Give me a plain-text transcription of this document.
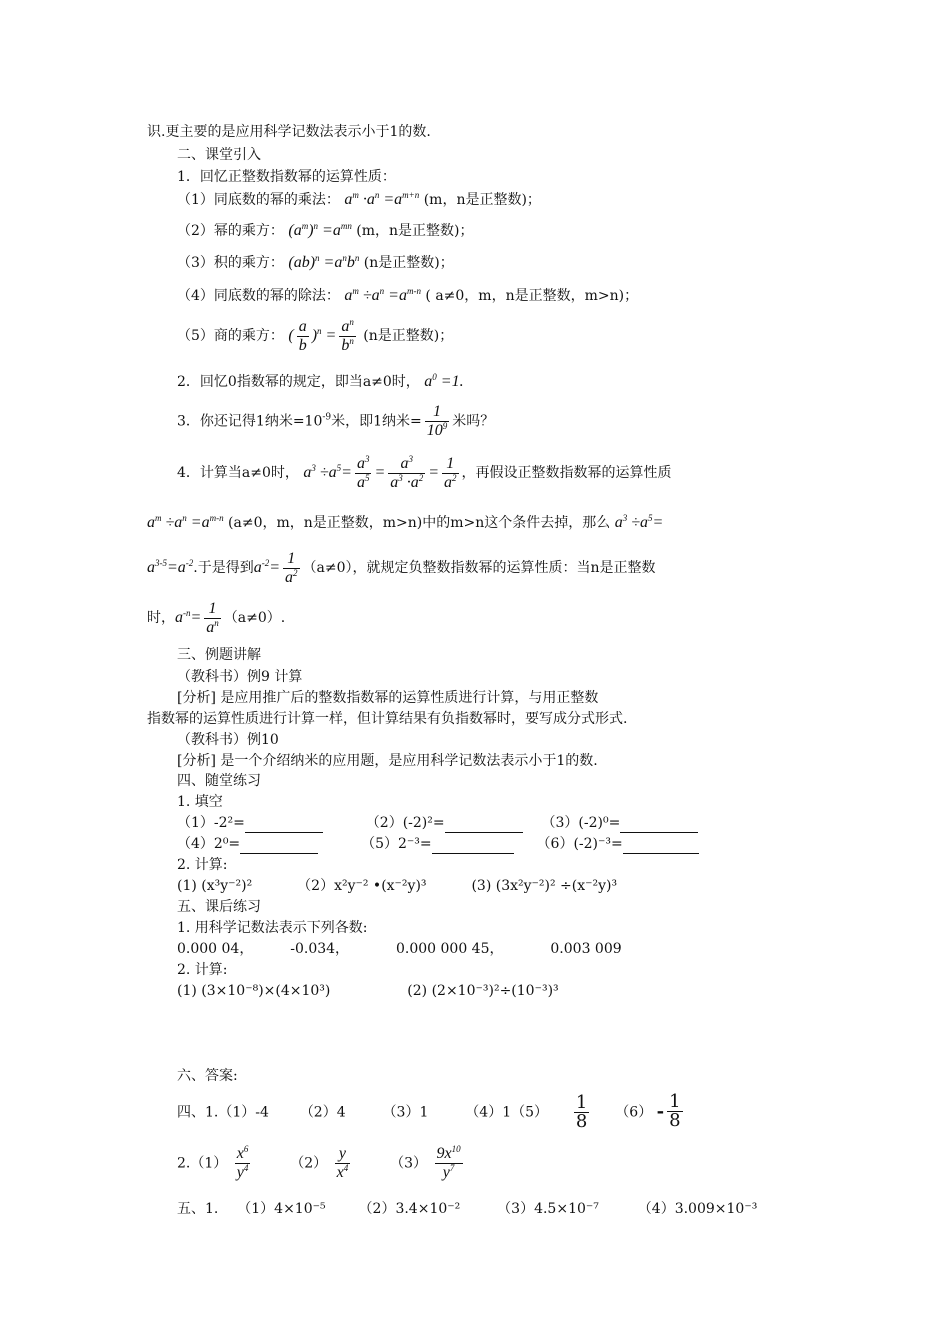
识.更主要的是应用科学记数法表示小于1的数.
二、课堂引入
1．回忆正整数指数幂的运算性质：
（1）同底数的幂的乘法： $a^m \cdot a^n =a^{m+n}$ (m，n是正整数)；
（2）幂的乘方： $(a^m)^n =a^{mn}$ (m，n是正整数)；
（3）积的乘方： $(ab)^n =a^nb^n$ (n是正整数)；
（4）同底数的幂的除法： $a^m \div a^n =a^{m-n}$ ( a≠0，m，n是正整数，m>n)；
（5）商的乘方： ( $\frac{a}{b} )^n = \frac{a^n}{b^n} (n$是正整数)；
2．回忆0指数幂的规定，即当a≠0时， $a^0 =1$.
3．你还记得1纳米$=10^{-9}$米，即1纳米= $\frac{1}{10^9}$ 米吗？
4．计算当a≠0时， $a^3 \div a^5= \frac{a^3}{a^5} = \frac{a^3}{a^3 \cdot a^2} = \frac{1}{a^2}$ ，再假设正整数指数幂的运算性质
$a^m \div a^n =a^{m-n}$ (a≠0，m，n是正整数，m>n)中的m>n这个条件去掉，那么 $a^3 \div a^5=$
$a^{3-5}=a^{-2}$.于是得到$a^{-2}= \frac{1}{a^2} (a\ne 0)$，就规定负整数指数幂的运算性质：当n是正整数
时，$a^{-n}= \frac{1}{a^n} (a\ne 0)$.
三、例题讲解
（教科书）例9 计算
[分析] 是应用推广后的整数指数幂的运算性质进行计算，与用正整数
指数幂的运算性质进行计算一样，但计算结果有负指数幂时，要写成分式形式.
（教科书）例10
[分析] 是一个介绍纳米的应用题，是应用科学记数法表示小于1的数.
四、随堂练习
1. 填空
（1）-2²=	（2）(-2)²=	（3）(-2)⁰=
（4）2⁰=	（5）2⁻³=	（6）(-2)⁻³=
2. 计算:
(1) (x³y⁻²)²	（2）x²y⁻² •(x⁻²y)³	(3) (3x²y⁻²)² ÷(x⁻²y)³
五、课后练习
1. 用科学记数法表示下列各数:
0.000 04，	-0.034，	0.000 000 45，	0.003 009
2. 计算:
(1) (3×10⁻⁸)×(4×10³)	(2) (2×10⁻³)²÷(10⁻³)³
六、答案:
四、1.（1）-4 （2）4	（3）1	$(4)1(5) \frac{1}{8} (6) - \frac{1}{8}$
$2.(1) \frac{x^6}{y^4}$	$(2) \frac{y}{x^4}$	$(3) \frac{9x^{10}}{y^7}$
五、1. （1）4×10⁻⁵ （2）3.4×10⁻²	（3）4.5×10⁻⁷	（4）3.009×10⁻³
